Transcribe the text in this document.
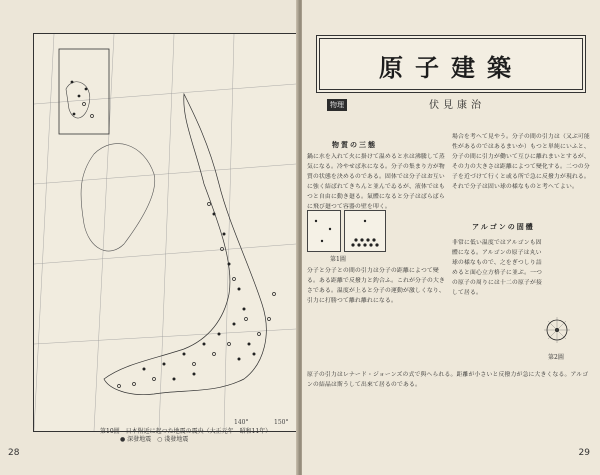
140°	150°
第10圖　日本附近に起つた地震の震央（大正元年—昭和11年）
● 深發地震　○ 淺發地震
28
原子建築
物理	伏見康治
物質の三態
鍋に水を入れて火に掛けて温めると水は沸騰して蒸気になる。冷やせば氷になる。分子の集まり方が物質の状態を決めるのである。固体では分子はお互いに強く結ばれてきちんと並んでゐるが、液体ではもつと自由に動き廻る。氣體になると分子はばらばらに飛び廻つて容器の壁を叩く。
第1圖
分子と分子との間の引力は分子の距離によつて變る。ある距離で反撥力と釣合ふ。これが分子の大きさである。温度が上ると分子の運動が激しくなり、引力に打勝つて離れ離れになる。
場合を考へて見やう。分子の間の引力は（又ぶ可能性があるのではあるまいか）もつと単純にいふと、分子の間に引力が働いて互ひに離れまいとするが、その力の大きさは距離によつて變化する。二つの分子を近づけて行くと或る所で急に反撥力が現れる。それで分子は固い球の様なものと考へてよい。
アルゴンの固體
非常に低い温度ではアルゴンも固體になる。アルゴンの原子は丸い球の様なもので、之をぎつしり詰めると面心立方格子に並ぶ。一つの原子の周りには十二の原子が接して居る。
第2圖
原子の引力はレナード・ジョーンズの式で與へられる。距離が小さいと反撥力が急に大きくなる。アルゴンの結晶は斯うして出來て居るのである。
29
